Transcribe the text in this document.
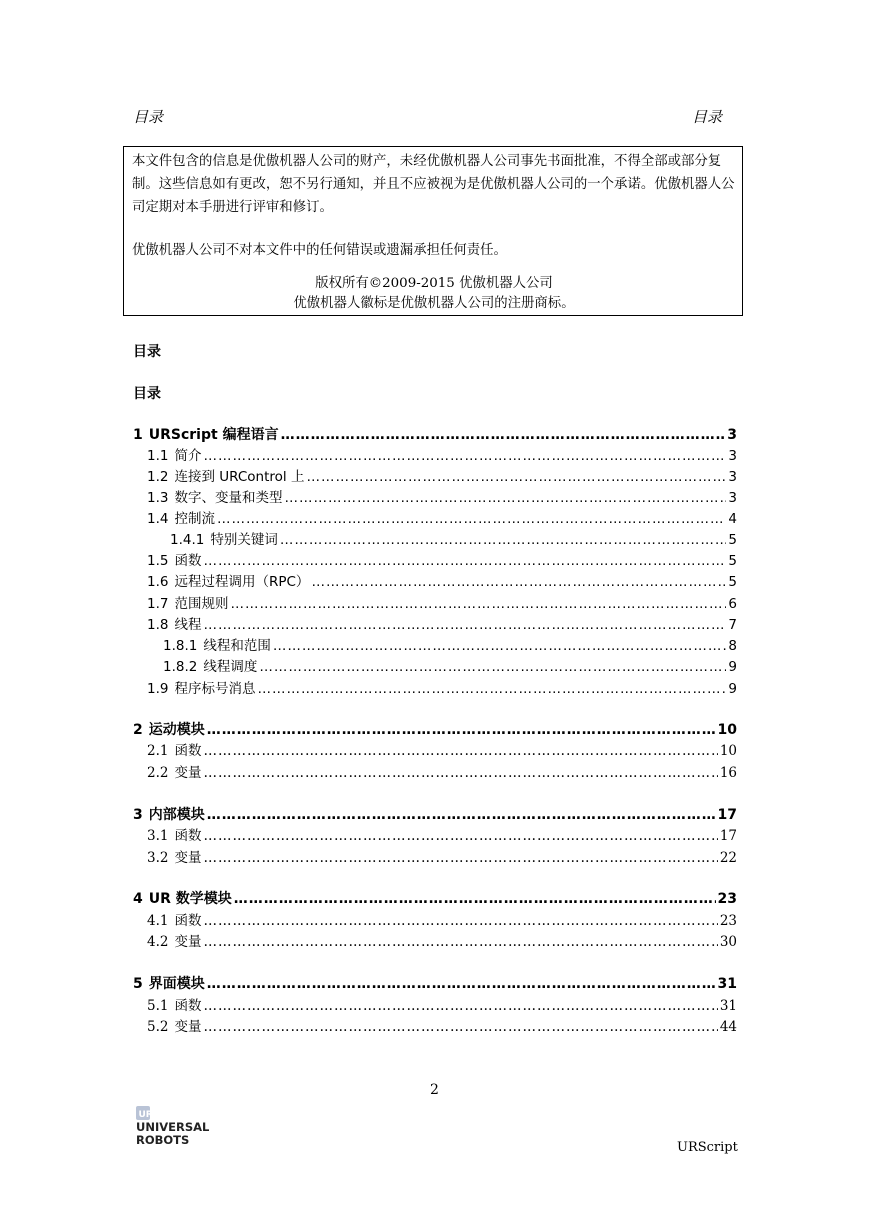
目录	目录

本文件包含的信息是优傲机器人公司的财产，未经优傲机器人公司事先书面批准，不得全部或部分复制。这些信息如有更改，恕不另行通知，并且不应被视为是优傲机器人公司的一个承诺。优傲机器人公司定期对本手册进行评审和修订。

优傲机器人公司不对本文件中的任何错误或遗漏承担任何责任。

版权所有©2009-2015 优傲机器人公司

优傲机器人徽标是优傲机器人公司的注册商标。

目录
目录
1 URScript 编程语言 ……………………………………………………………………………………………………………………………………………………………………	3
1.1 简介 ……………………………………………………………………………………………………………………………………………………………………	3
1.2 连接到 URControl 上 ……………………………………………………………………………………………………………………………………………………………………	3
1.3 数字、变量和类型 ……………………………………………………………………………………………………………………………………………………………………	3
1.4 控制流 ……………………………………………………………………………………………………………………………………………………………………	4
1.4.1 特别关键词 ……………………………………………………………………………………………………………………………………………………………………	5
1.5 函数 ……………………………………………………………………………………………………………………………………………………………………	5
1.6 远程过程调用（RPC） ……………………………………………………………………………………………………………………………………………………………………	5
1.7 范围规则 ……………………………………………………………………………………………………………………………………………………………………	6
1.8 线程 ……………………………………………………………………………………………………………………………………………………………………	7
1.8.1 线程和范围 ……………………………………………………………………………………………………………………………………………………………………	8
1.8.2 线程调度 ……………………………………………………………………………………………………………………………………………………………………	9
1.9 程序标号消息 ……………………………………………………………………………………………………………………………………………………………………	9
2 运动模块 ……………………………………………………………………………………………………………………………………………………………………	10
2.1 函数 ……………………………………………………………………………………………………………………………………………………………………	10
2.2 变量 ……………………………………………………………………………………………………………………………………………………………………	16
3 内部模块 ……………………………………………………………………………………………………………………………………………………………………	17
3.1 函数 ……………………………………………………………………………………………………………………………………………………………………	17
3.2 变量 ……………………………………………………………………………………………………………………………………………………………………	22
4 UR 数学模块 ……………………………………………………………………………………………………………………………………………………………………	23
4.1 函数 ……………………………………………………………………………………………………………………………………………………………………	23
4.2 变量 ……………………………………………………………………………………………………………………………………………………………………	30
5 界面模块 ……………………………………………………………………………………………………………………………………………………………………	31
5.1 函数 ……………………………………………………………………………………………………………………………………………………………………	31
5.2 变量 ……………………………………………………………………………………………………………………………………………………………………	44
2
UR
UNIVERSAL
ROBOTS	URScript
